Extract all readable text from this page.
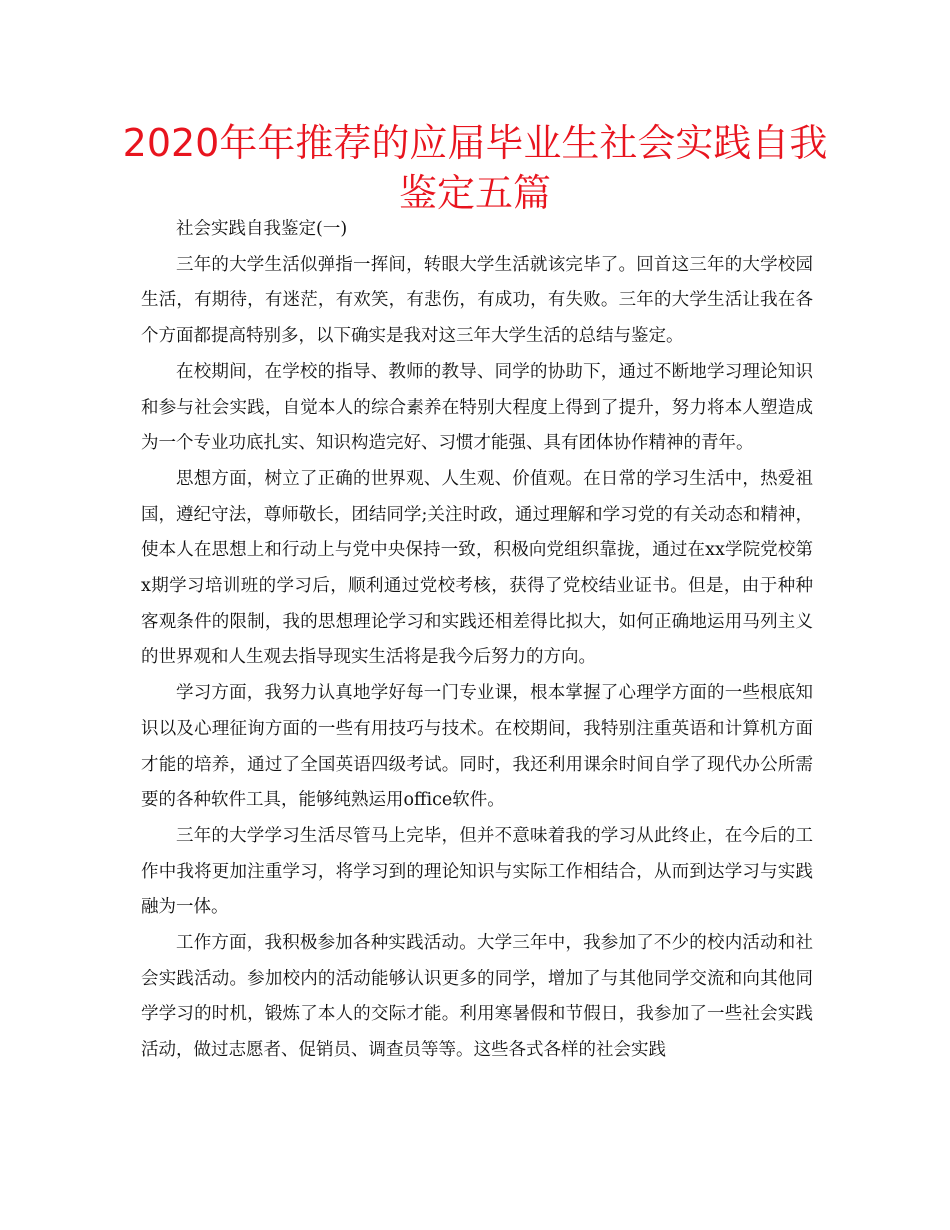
2020年年推荐的应届毕业生社会实践自我鉴定五篇

社会实践自我鉴定(一)

三年的大学生活似弹指一挥间，转眼大学生活就该完毕了。回首这三年的大学校园生活，有期待，有迷茫，有欢笑，有悲伤，有成功，有失败。三年的大学生活让我在各个方面都提高特别多，以下确实是我对这三年大学生活的总结与鉴定。

在校期间，在学校的指导、教师的教导、同学的协助下，通过不断地学习理论知识和参与社会实践，自觉本人的综合素养在特别大程度上得到了提升，努力将本人塑造成为一个专业功底扎实、知识构造完好、习惯才能强、具有团体协作精神的青年。

思想方面，树立了正确的世界观、人生观、价值观。在日常的学习生活中，热爱祖国，遵纪守法，尊师敬长，团结同学;关注时政，通过理解和学习党的有关动态和精神，使本人在思想上和行动上与党中央保持一致，积极向党组织靠拢，通过在xx学院党校第x期学习培训班的学习后，顺利通过党校考核，获得了党校结业证书。但是，由于种种客观条件的限制，我的思想理论学习和实践还相差得比拟大，如何正确地运用马列主义的世界观和人生观去指导现实生活将是我今后努力的方向。

学习方面，我努力认真地学好每一门专业课，根本掌握了心理学方面的一些根底知识以及心理征询方面的一些有用技巧与技术。在校期间，我特别注重英语和计算机方面才能的培养，通过了全国英语四级考试。同时，我还利用课余时间自学了现代办公所需要的各种软件工具，能够纯熟运用office软件。

三年的大学学习生活尽管马上完毕，但并不意味着我的学习从此终止，在今后的工作中我将更加注重学习，将学习到的理论知识与实际工作相结合，从而到达学习与实践融为一体。

工作方面，我积极参加各种实践活动。大学三年中，我参加了不少的校内活动和社会实践活动。参加校内的活动能够认识更多的同学，增加了与其他同学交流和向其他同学学习的时机，锻炼了本人的交际才能。利用寒暑假和节假日，我参加了一些社会实践活动，做过志愿者、促销员、调查员等等。这些各式各样的社会实践
